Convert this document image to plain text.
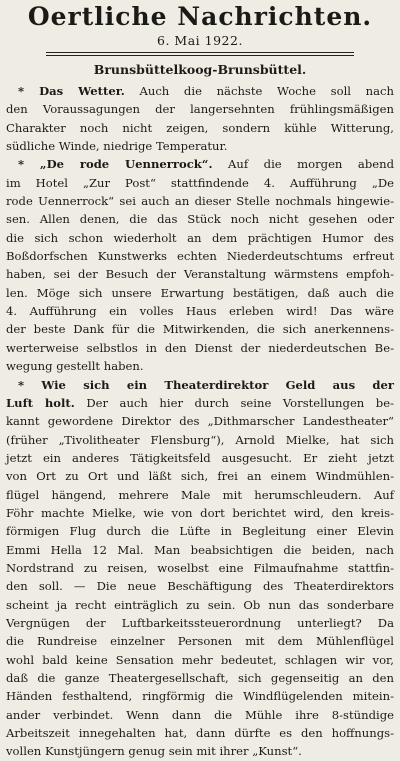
Oertliche Nachrichten.
6. Mai 1922.
Brunsbüttelkoog-Brunsbüttel.
* Das Wetter. Auch die nächste Woche soll nach
den Voraussagungen der langersehnten frühlingsmäßigen
Charakter noch nicht zeigen, sondern kühle Witterung,
südliche Winde, niedrige Temperatur.
* „De rode Uennerrock“. Auf die morgen abend
im Hotel „Zur Post“ stattfindende 4. Aufführung „De
rode Uennerrock“ sei auch an dieser Stelle nochmals hingewie-
sen. Allen denen, die das Stück noch nicht gesehen oder
die sich schon wiederholt an dem prächtigen Humor des
Boßdorfschen Kunstwerks echten Niederdeutschtums erfreut
haben, sei der Besuch der Veranstaltung wärmstens empfoh-
len. Möge sich unsere Erwartung bestätigen, daß auch die
4. Aufführung ein volles Haus erleben wird! Das wäre
der beste Dank für die Mitwirkenden, die sich anerkennens-
werterweise selbstlos in den Dienst der niederdeutschen Be-
wegung gestellt haben.
* Wie sich ein Theaterdirektor Geld aus der
Luft holt. Der auch hier durch seine Vorstellungen be-
kannt gewordene Direktor des „Dithmarscher Landestheater“
(früher „Tivolitheater Flensburg“), Arnold Mielke, hat sich
jetzt ein anderes Tätigkeitsfeld ausgesucht. Er zieht jetzt
von Ort zu Ort und läßt sich, frei an einem Windmühlen-
flügel hängend, mehrere Male mit herumschleudern. Auf
Föhr machte Mielke, wie von dort berichtet wird, den kreis-
förmigen Flug durch die Lüfte in Begleitung einer Elevin
Emmi Hella 12 Mal. Man beabsichtigen die beiden, nach
Nordstrand zu reisen, woselbst eine Filmaufnahme stattfin-
den soll. — Die neue Beschäftigung des Theaterdirektors
scheint ja recht einträglich zu sein. Ob nun das sonderbare
Vergnügen der Luftbarkeitssteuerordnung unterliegt? Da
die Rundreise einzelner Personen mit dem Mühlenflügel
wohl bald keine Sensation mehr bedeutet, schlagen wir vor,
daß die ganze Theatergesellschaft, sich gegenseitig an den
Händen festhaltend, ringförmig die Windflügelenden mitein-
ander verbindet. Wenn dann die Mühle ihre 8-stündige
Arbeitszeit innegehalten hat, dann dürfte es den hoffnungs-
vollen Kunstjüngern genug sein mit ihrer „Kunst“.
